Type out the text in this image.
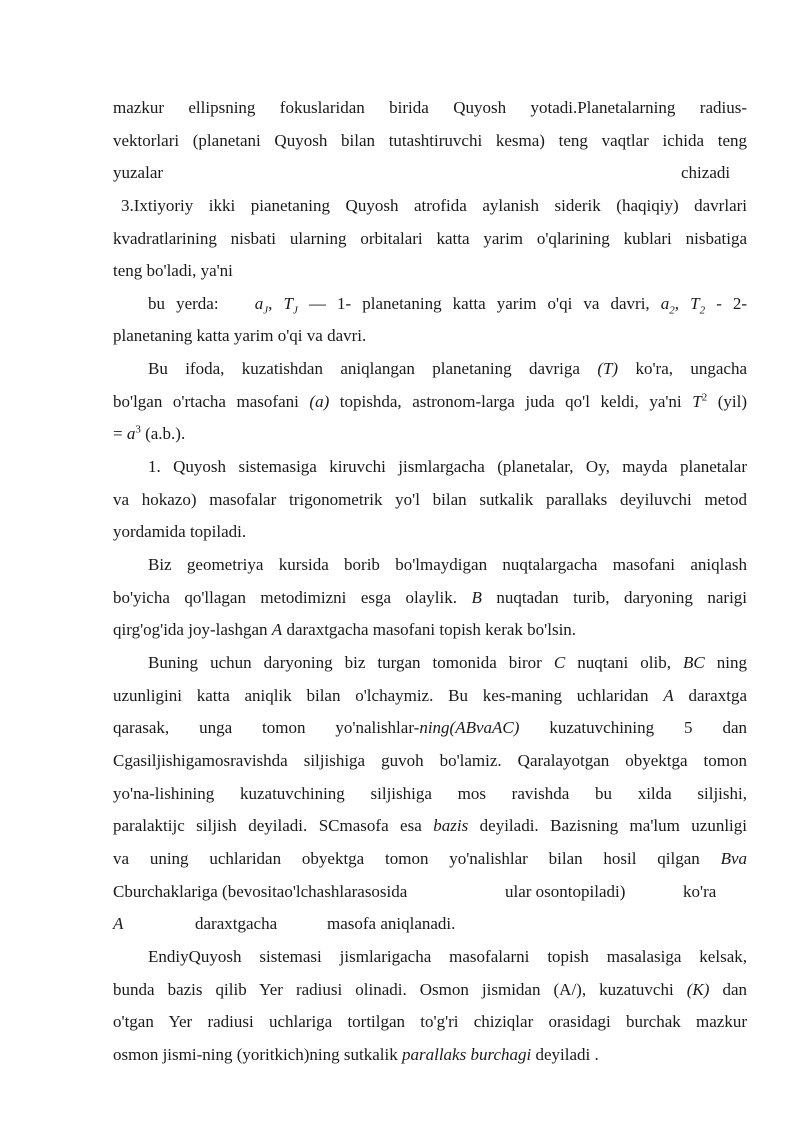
mazkur ellipsning fokuslaridan birida Quyosh yotadi.Planetalarning radius-
vektorlari (planetani Quyosh bilan tutashtiruvchi kesma) teng vaqtlar ichida teng
yuzalar	chizadi
3.Ixtiyoriy ikki pianetaning Quyosh atrofida aylanish siderik (haqiqiy) davrlari
kvadratlarining nisbati ularning orbitalari katta yarim o'qlarining kublari nisbatiga
teng bo'ladi, ya'ni
bu yerda: $a_J$, $T_J$ — 1- planetaning katta yarim o'qi va davri, $a_2$, $T_2 - 2-$
planetaning katta yarim o'qi va davri.
Bu ifoda, kuzatishdan aniqlangan planetaning davriga (T) ko'ra, ungacha
bo'lgan o'rtacha masofani (a) topishda, astronom-larga juda qo'l keldi, ya'ni $T^2$ (yil)
= $a^3$ (a.b.).
1. Quyosh sistemasiga kiruvchi jismlargacha (planetalar, Oy, mayda planetalar
va hokazo) masofalar trigonometrik yo'l bilan sutkalik parallaks deyiluvchi metod
yordamida topiladi.
Biz geometriya kursida borib bo'lmaydigan nuqtalargacha masofani aniqlash
bo'yicha qo'llagan metodimizni esga olaylik. B nuqtadan turib, daryoning narigi
qirg'og'ida joy-lashgan A daraxtgacha masofani topish kerak bo'lsin.
Buning uchun daryoning biz turgan tomonida biror C nuqtani olib, BC ning
uzunligini katta aniqlik bilan o'lchaymiz. Bu kes-maning uchlaridan A daraxtga
qarasak, unga tomon yo'nalishlar-ning(ABvaAC) kuzatuvchining 5 dan
Cgasiljishigamosravishda siljishiga guvoh bo'lamiz. Qaralayotgan obyektga tomon
yo'na-lishining kuzatuvchining siljishiga mos ravishda bu xilda siljishi,
paralaktijc siljish deyiladi. SCmasofa esa bazis deyiladi. Bazisning ma'lum uzunligi
va uning uchlaridan obyektga tomon yo'nalishlar bilan hosil qilgan Bva
Cburchaklariga (bevositao'lchashlarasosida	ular osontopiladi)	ko'ra
A	daraxtgacha	masofa aniqlanadi.
EndiyQuyosh sistemasi jismlarigacha masofalarni topish masalasiga kelsak,
bunda bazis qilib Yer radiusi olinadi. Osmon jismidan (A/), kuzatuvchi (K) dan
o'tgan Yer radiusi uchlariga tortilgan to'g'ri chiziqlar orasidagi burchak mazkur
osmon jismi-ning (yoritkich)ning sutkalik parallaks burchagi deyiladi .
